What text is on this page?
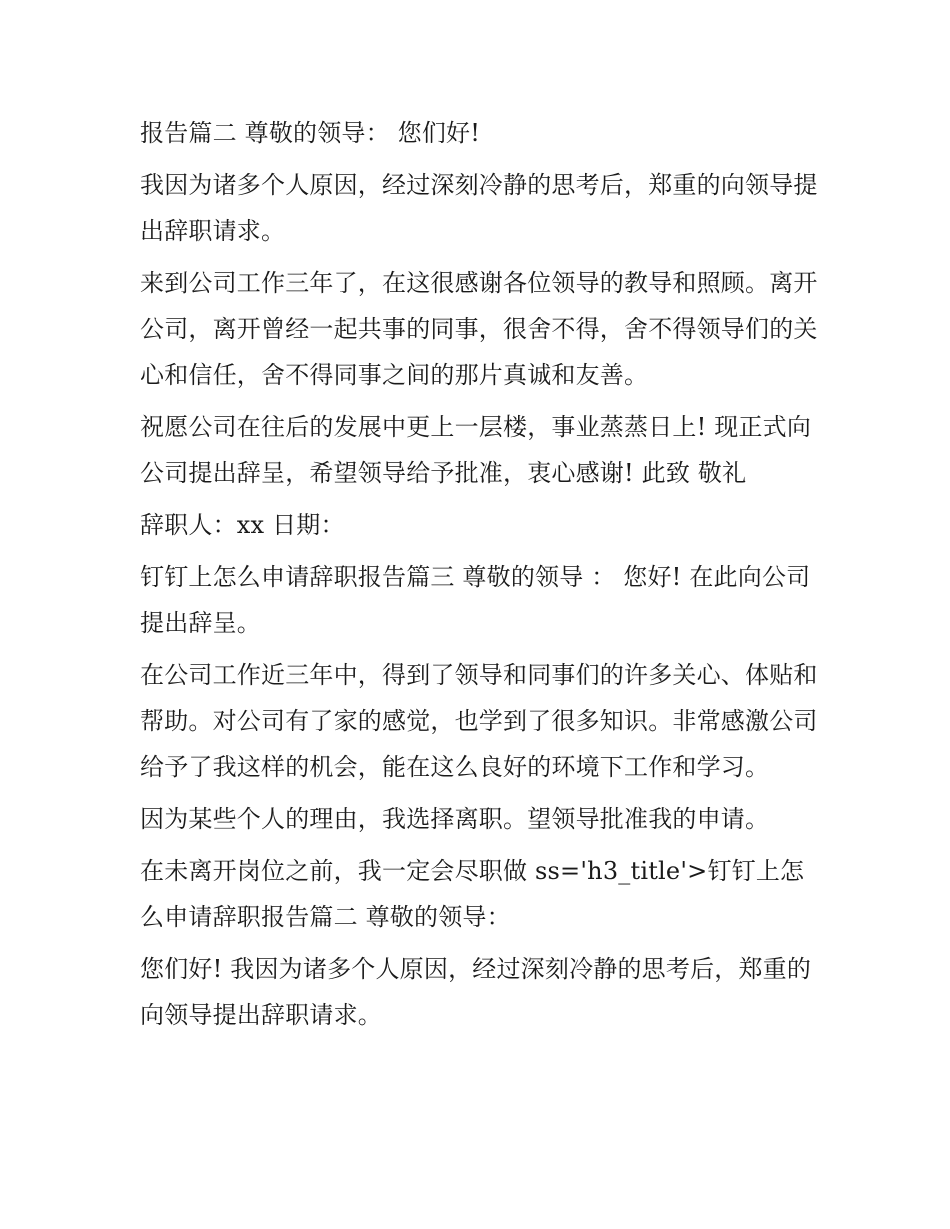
报告篇二 尊敬的领导： 您们好!

我因为诸多个人原因，经过深刻冷静的思考后，郑重的向领导提出辞职请求。

来到公司工作三年了，在这很感谢各位领导的教导和照顾。离开公司，离开曾经一起共事的同事，很舍不得，舍不得领导们的关心和信任，舍不得同事之间的那片真诚和友善。

祝愿公司在往后的发展中更上一层楼，事业蒸蒸日上! 现正式向公司提出辞呈，希望领导给予批准，衷心感谢! 此致 敬礼

辞职人：xx 日期：

钉钉上怎么申请辞职报告篇三 尊敬的领导 ： 您好! 在此向公司提出辞呈。

在公司工作近三年中，得到了领导和同事们的许多关心、体贴和帮助。对公司有了家的感觉，也学到了很多知识。非常感激公司给予了我这样的机会，能在这么良好的环境下工作和学习。

因为某些个人的理由，我选择离职。望领导批准我的申请。

在未离开岗位之前，我一定会尽职做 ss='h3_title'>钉钉上怎么申请辞职报告篇二 尊敬的领导：

您们好! 我因为诸多个人原因，经过深刻冷静的思考后，郑重的向领导提出辞职请求。
